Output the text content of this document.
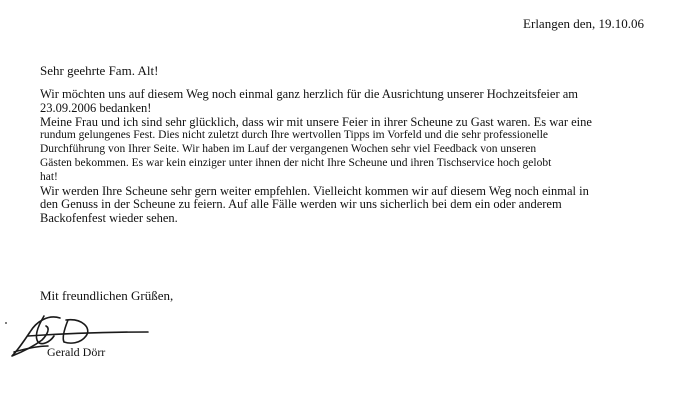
Erlangen den, 19.10.06
Sehr geehrte Fam. Alt!
Wir möchten uns auf diesem Weg noch einmal ganz herzlich für die Ausrichtung unserer Hochzeitsfeier am
23.09.2006 bedanken!
Meine Frau und ich sind sehr glücklich, dass wir mit unsere Feier in ihrer Scheune zu Gast waren. Es war eine
rundum gelungenes Fest. Dies nicht zuletzt durch Ihre wertvollen Tipps im Vorfeld und die sehr professionelle
Durchführung von Ihrer Seite. Wir haben im Lauf der vergangenen Wochen sehr viel Feedback von unseren
Gästen bekommen. Es war kein einziger unter ihnen der nicht Ihre Scheune und ihren Tischservice hoch gelobt
hat!
Wir werden Ihre Scheune sehr gern weiter empfehlen. Vielleicht kommen wir auf diesem Weg noch einmal in
den Genuss in der Scheune zu feiern. Auf alle Fälle werden wir uns sicherlich bei dem ein oder anderem
Backofenfest wieder sehen.
Mit freundlichen Grüßen,
Gerald Dörr
